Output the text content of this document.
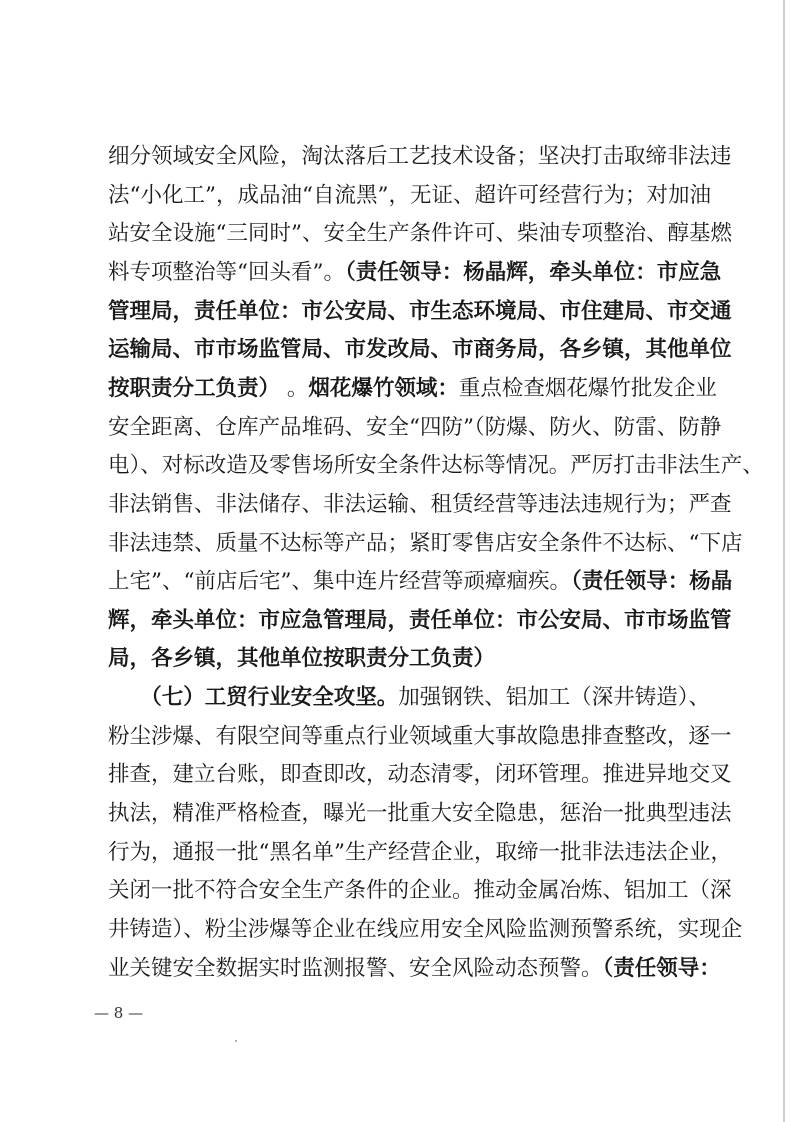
细分领域安全风险，淘汰落后工艺技术设备；坚决打击取缔非法违
法“小化工”，成品油“自流黑”，无证、超许可经营行为；对加油
站安全设施“三同时”、安全生产条件许可、柴油专项整治、醇基燃
料专项整治等“回头看”。（责任领导：杨晶辉，牵头单位：市应急
管理局，责任单位：市公安局、市生态环境局、市住建局、市交通
运输局、市市场监管局、市发改局、市商务局，各乡镇，其他单位
按职责分工负责） 。烟花爆竹领域：重点检查烟花爆竹批发企业
安全距离、仓库产品堆码、安全“四防”（防爆、防火、防雷、防静
电）、对标改造及零售场所安全条件达标等情况。严厉打击非法生产、
非法销售、非法储存、非法运输、租赁经营等违法违规行为；严查
非法违禁、质量不达标等产品；紧盯零售店安全条件不达标、“下店
上宅”、“前店后宅”、集中连片经营等顽瘴痼疾。（责任领导：杨晶
辉，牵头单位：市应急管理局，责任单位：市公安局、市市场监管
局，各乡镇，其他单位按职责分工负责）
　　（七）工贸行业安全攻坚。加强钢铁、铝加工（深井铸造）、
粉尘涉爆、有限空间等重点行业领域重大事故隐患排查整改，逐一
排查，建立台账，即查即改，动态清零，闭环管理。推进异地交叉
执法，精准严格检查，曝光一批重大安全隐患，惩治一批典型违法
行为，通报一批“黑名单”生产经营企业，取缔一批非法违法企业，
关闭一批不符合安全生产条件的企业。推动金属冶炼、铝加工（深
井铸造）、粉尘涉爆等企业在线应用安全风险监测预警系统，实现企
业关键安全数据实时监测报警、安全风险动态预警。（责任领导：
— 8 —
